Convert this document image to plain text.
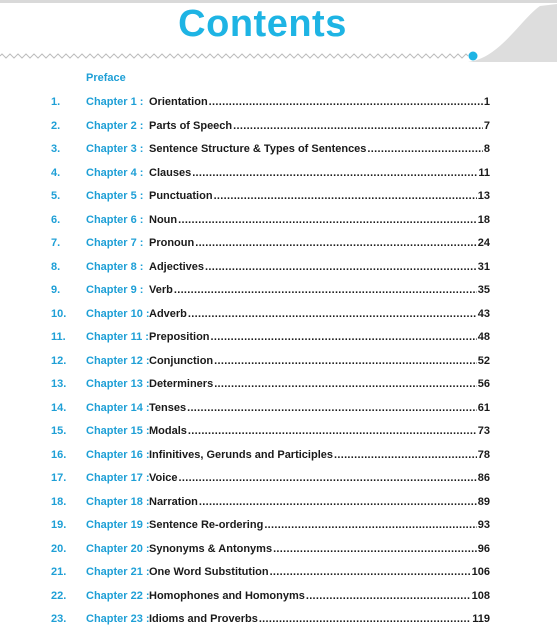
Contents
Preface
1. Chapter 1 : Orientation .....	1
2. Chapter 2 : Parts of Speech .....	7
3. Chapter 3 : Sentence Structure & Types of Sentences .....	8
4. Chapter 4 : Clauses .....	11
5. Chapter 5 : Punctuation .....	13
6. Chapter 6 : Noun .....	18
7. Chapter 7 : Pronoun .....	24
8. Chapter 8 : Adjectives .....	31
9. Chapter 9 : Verb .....	35
10. Chapter 10 : Adverb .....	43
11. Chapter 11 : Preposition .....	48
12. Chapter 12 : Conjunction .....	52
13. Chapter 13 : Determiners .....	56
14. Chapter 14 : Tenses .....	61
15. Chapter 15 : Modals .....	73
16. Chapter 16 : Infinitives, Gerunds and Participles .....	78
17. Chapter 17 : Voice .....	86
18. Chapter 18 : Narration .....	89
19. Chapter 19 : Sentence Re-ordering .....	93
20. Chapter 20 : Synonyms & Antonyms .....	96
21. Chapter 21 : One Word Substitution .....	106
22. Chapter 22 : Homophones and Homonyms .....	108
23. Chapter 23 : Idioms and Proverbs .....	119
